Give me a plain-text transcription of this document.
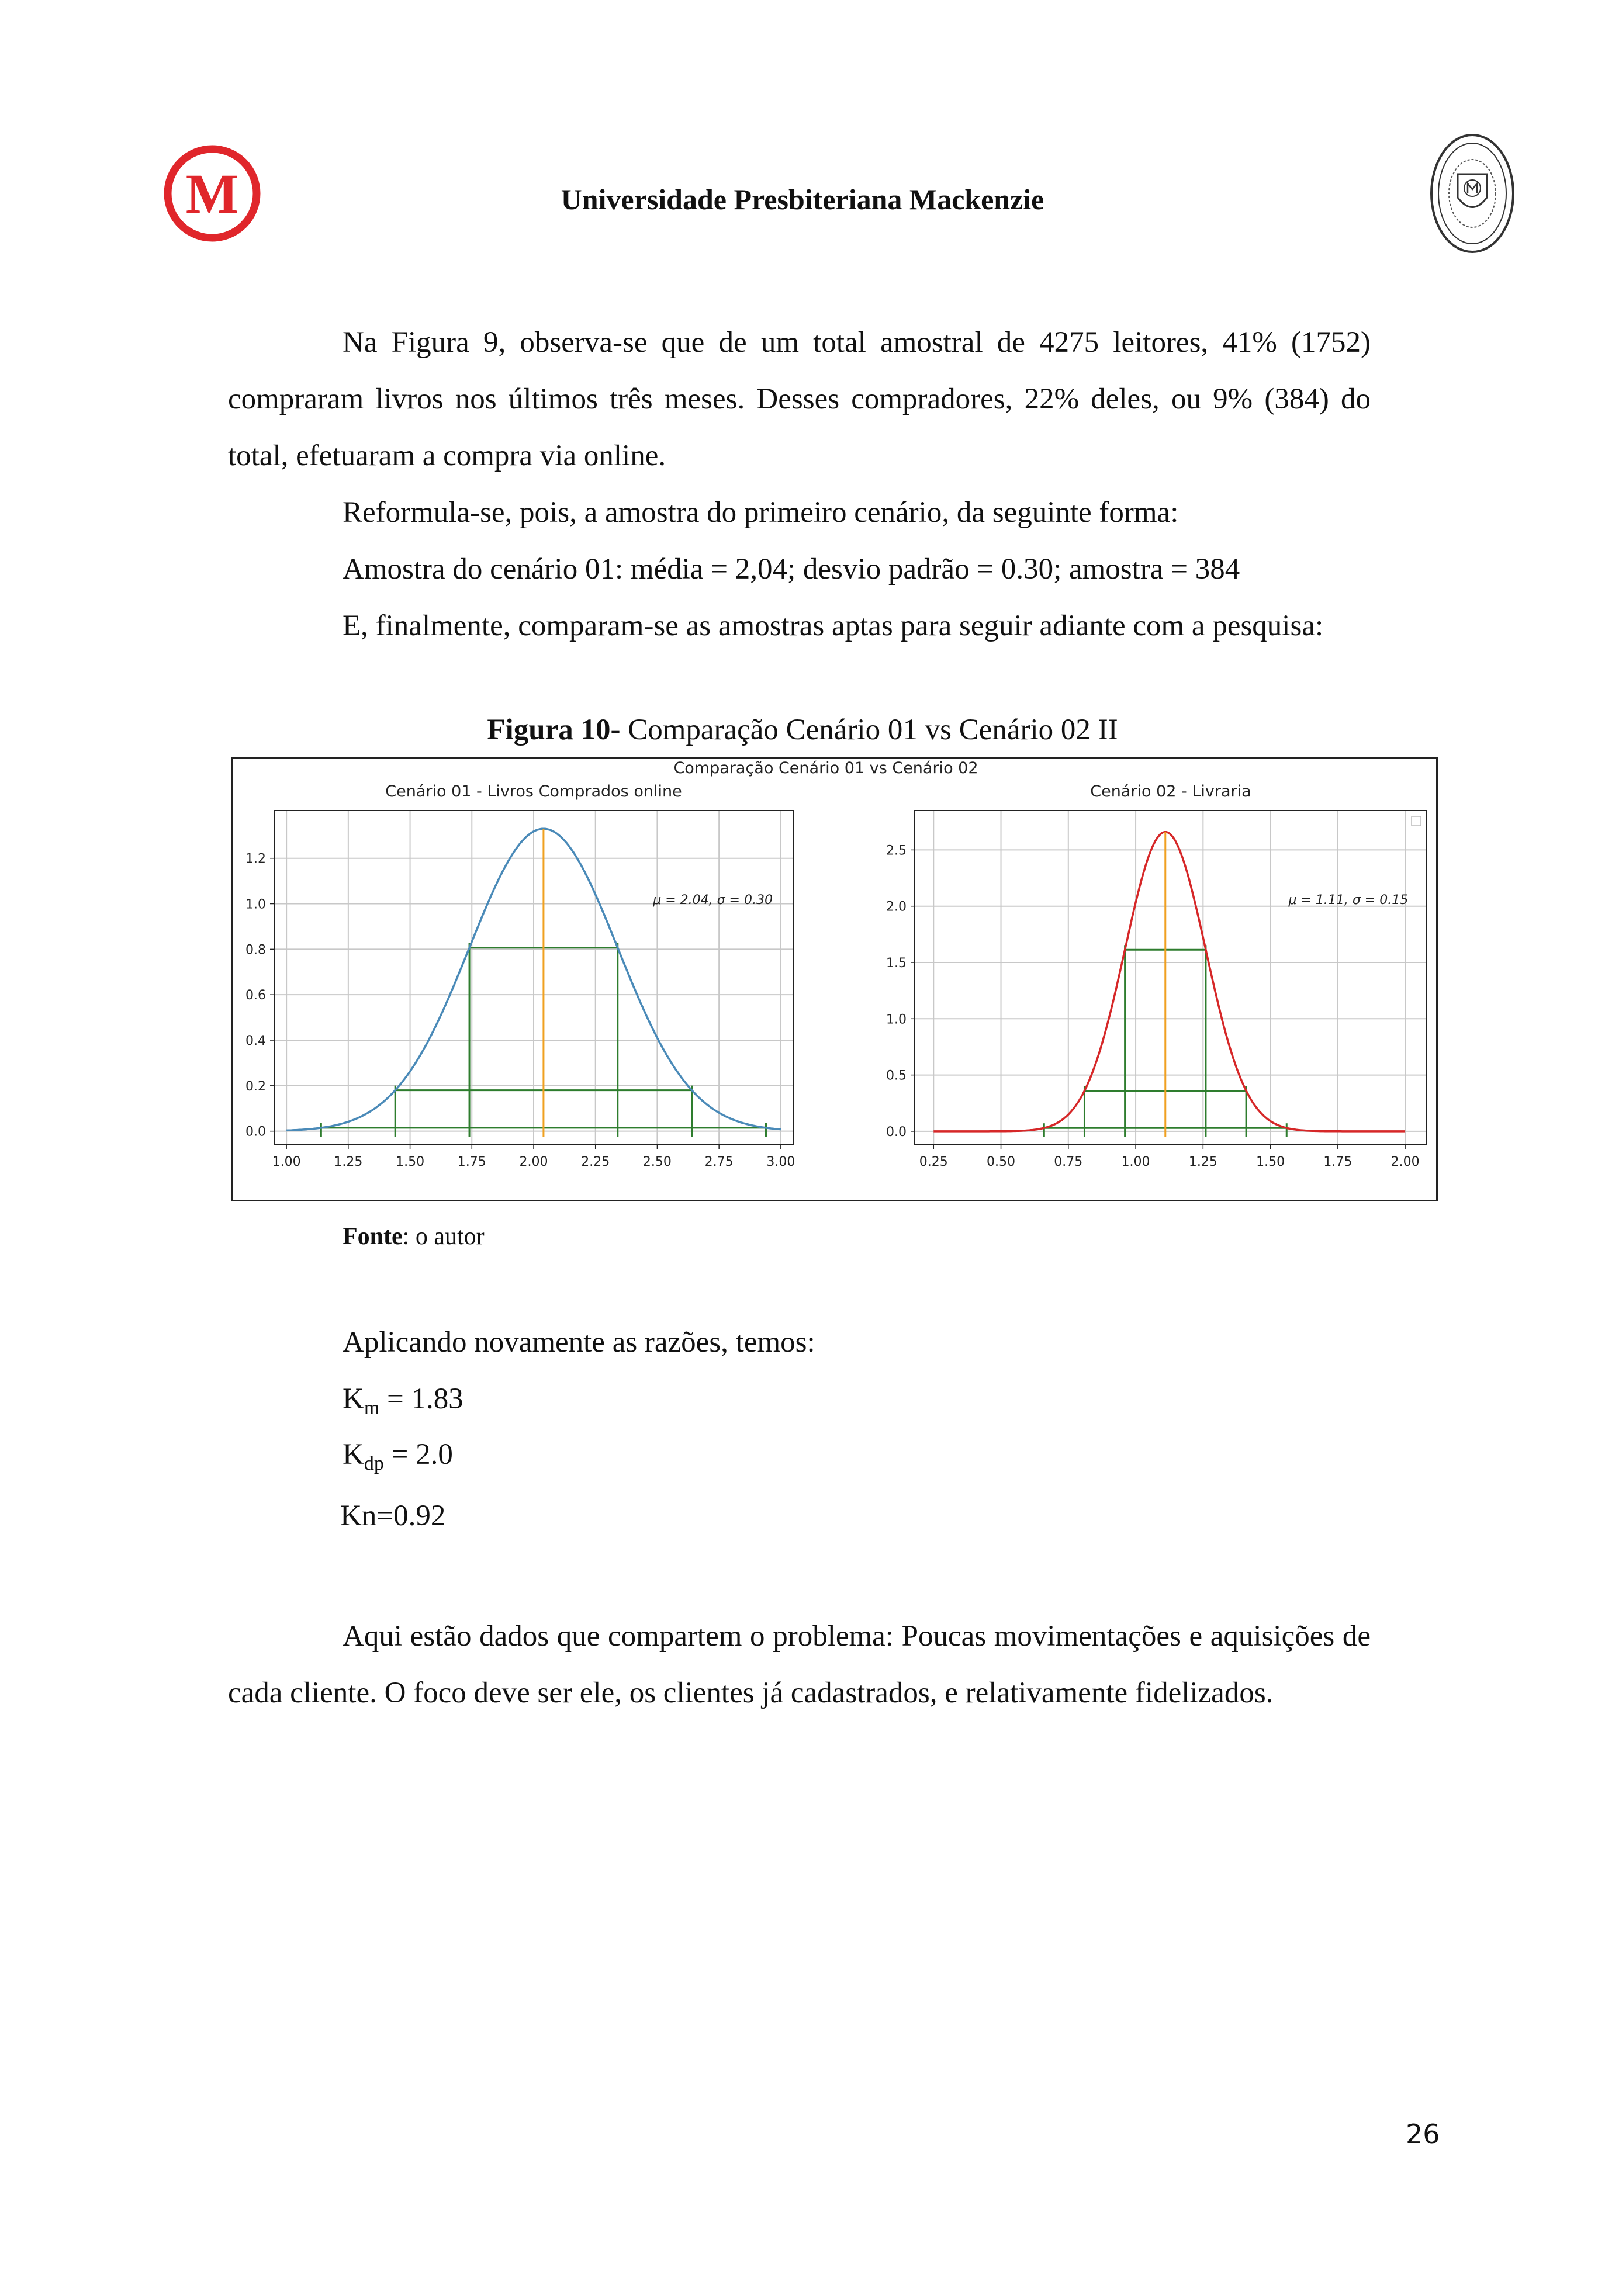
M	Universidade Presbiteriana Mackenzie

Na Figura 9, observa-se que de um total amostral de 4275 leitores, 41% (1752) compraram livros nos últimos três meses. Desses compradores, 22% deles, ou 9% (384) do total, efetuaram a compra via online.

Reformula-se, pois, a amostra do primeiro cenário, da seguinte forma:

Amostra do cenário 01: média = 2,04; desvio padrão = 0.30; amostra = 384

E, finalmente, comparam-se as amostras aptas para seguir adiante com a pesquisa:

Figura 10- Comparação Cenário 01 vs Cenário 02 II
Comparação Cenário 01 vs Cenário 02
Cenário 01 - Livros Comprados online
1.00	1.25	1.50	1.75	2.00	2.25	2.50	2.75	3.00
0.0
0.2
0.4
0.6
0.8
1.0
1.2
μ = 2.04, σ = 0.30
Cenário 02 - Livraria
0.25	0.50	0.75	1.00	1.25	1.50	1.75	2.00
0.0
0.5
1.0
1.5
2.0
2.5
μ = 1.11, σ = 0.15
Fonte: o autor
Aplicando novamente as razões, temos:
$K_m = 1.83$
$K_{dp} = 2.0$
Kn=0.92

Aqui estão dados que compartem o problema: Poucas movimentações e aquisições de cada cliente. O foco deve ser ele, os clientes já cadastrados, e relativamente fidelizados.

26
